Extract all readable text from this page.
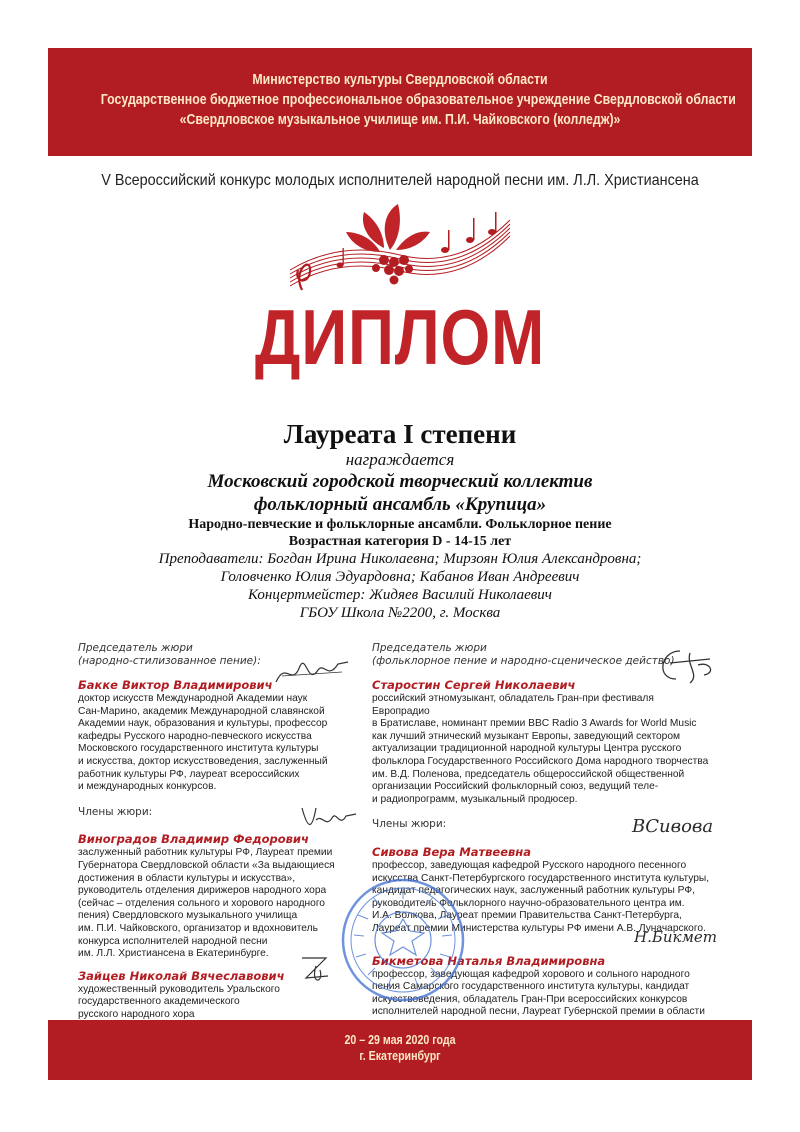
Министерство культуры Свердловской области
Государственное бюджетное профессиональное образовательное учреждение Свердловской области
«Свердловское музыкальное училище им. П.И. Чайковского (колледж)»
V Всероссийский конкурс молодых исполнителей народной песни им. Л.Л. Христиансена
ДИПЛОМ
Лауреата I степени
награждается
Московский городской творческий коллектив
фольклорный ансамбль «Крупица»
Народно-певческие и фольклорные ансамбли. Фольклорное пение
Возрастная категория D - 14-15 лет
Преподаватели: Богдан Ирина Николаевна; Мирзоян Юлия Александровна;
Головченко Юлия Эдуардовна; Кабанов Иван Андреевич
Концертмейстер: Жидяев Василий Николаевич
ГБОУ Школа №2200, г. Москва
Председатель жюри
(народно-стилизованное пение):
Бакке Виктор Владимирович
доктор искусств Международной Академии наук
Сан-Марино, академик Международной славянской
Академии наук, образования и культуры, профессор
кафедры Русского народно-певческого искусства
Московского государственного института культуры
и искусства, доктор искусствоведения, заслуженный
работник культуры РФ, лауреат всероссийских
и международных конкурсов.
Члены жюри:
Виноградов Владимир Федорович
заслуженный работник культуры РФ, Лауреат премии
Губернатора Свердловской области «За выдающиеся
достижения в области культуры и искусства»,
руководитель отделения дирижеров народного хора
(сейчас – отделения сольного и хорового народного
пения) Свердловского музыкального училища
им. П.И. Чайковского, организатор и вдохновитель
конкурса исполнителей народной песни
им. Л.Л. Христиансена в Екатеринбурге.
Зайцев Николай Вячеславович
художественный руководитель Уральского
государственного академического
русского народного хора
Председатель жюри
(фольклорное пение и народно-сценическое действо)
Старостин Сергей Николаевич
российский этномузыкант, обладатель Гран-при фестиваля Европрадио
в Братиславе, номинант премии BBC Radio 3 Awards for World Music
как лучший этнический музыкант Европы, заведующий сектором
актуализации традиционной народной культуры Центра русского
фольклора Государственного Российского Дома народного творчества
им. В.Д. Поленова, председатель общероссийской общественной
организации Российский фольклорный союз, ведущий теле-
и радиопрограмм, музыкальный продюсер.
Члены жюри:
Сивова Вера Матвеевна
профессор, заведующая кафедрой Русского народного песенного
искусства Санкт-Петербургского государственного института культуры,
кандидат педагогических наук, заслуженный работник культуры РФ,
руководитель Фольклорного научно-образовательного центра им.
И.А. Волкова, Лауреат премии Правительства Санкт-Петербурга,
Лауреат премии Министерства культуры РФ имени А.В. Луначарского.
Бикметова Наталья Владимировна
профессор, заведующая кафедрой хорового и сольного народного
пения Самарского государственного института культуры, кандидат
искусствоведения, обладатель Гран-При всероссийских конкурсов
исполнителей народной песни, Лауреат Губернской премии в области

ВСивова
Н.Бикмет
20 – 29 мая 2020 года
г. Екатеринбург
